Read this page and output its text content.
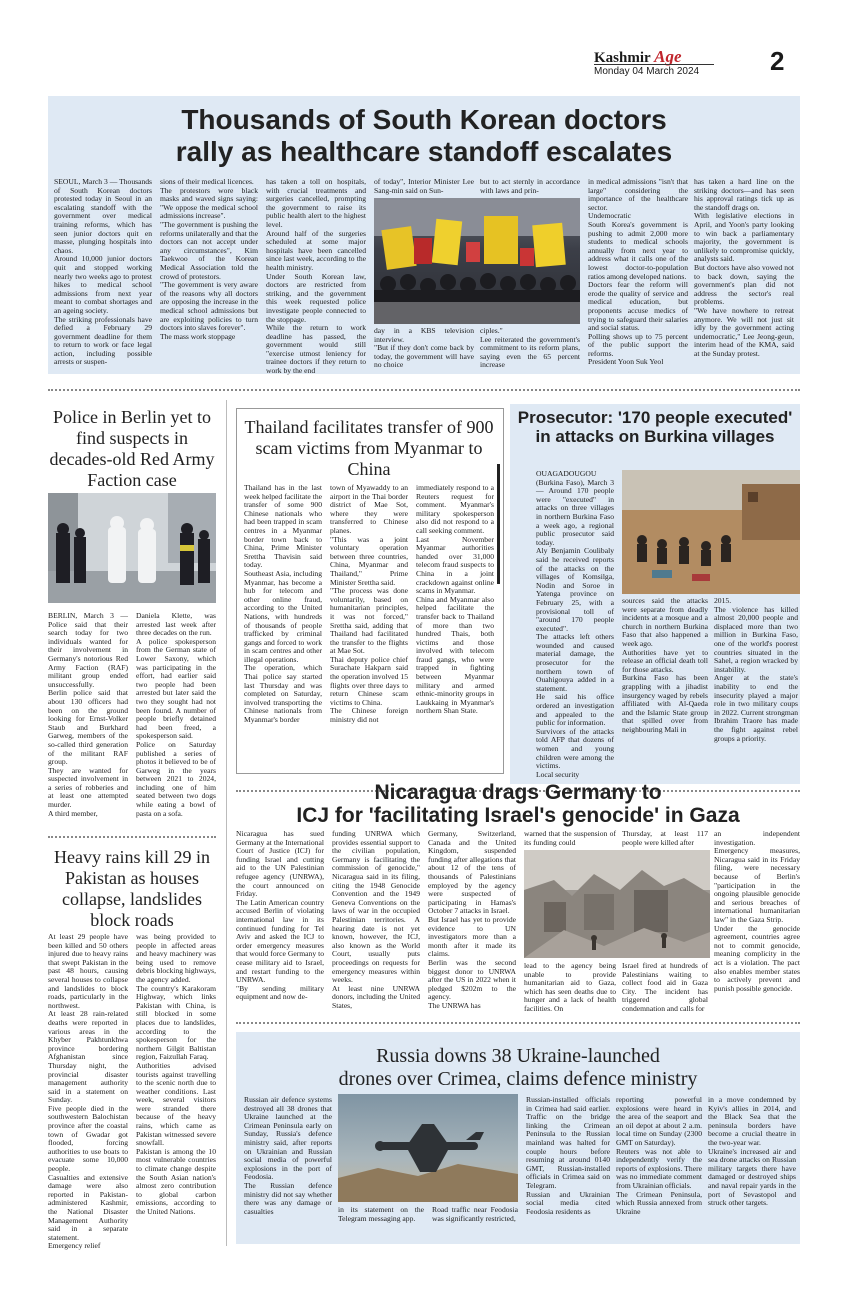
Kashmir Age
Monday 04 March 2024	2
Thousands of South Korean doctors
rally as healthcare standoff escalates
SEOUL, March 3 — Thousands of South Korean doctors protested today in Seoul in an escalating standoff with the government over medical training reforms, which has seen junior doctors quit en masse, plunging hospitals into chaos.
Around 10,000 junior doctors quit and stopped working nearly two weeks ago to protest hikes to medical school admissions from next year meant to combat shortages and an ageing society.
The striking professionals have defied a February 29 government deadline for them to return to work or face legal action, including possible arrests or suspen-
sions of their medical licences.
The protestors wore black masks and waved signs saying: "We oppose the medical school admissions increase".
"The government is pushing the reforms unilaterally and that the doctors can not accept under any circumstances", Kim Taekwoo of the Korean Medical Association told the crowd of protestors.
"The government is very aware of the reasons why all doctors are opposing the increase in the medical school admissions but are exploiting policies to turn doctors into slaves forever".
The mass work stoppage
has taken a toll on hospitals, with crucial treatments and surgeries cancelled, prompting the government to raise its public health alert to the highest level.
Around half of the surgeries scheduled at some major hospitals have been cancelled since last week, according to the health ministry.
Under South Korean law, doctors are restricted from striking, and the government this week requested police investigate people connected to the stoppage.
While the return to work deadline has passed, the government would still "exercise utmost leniency for trainee doctors if they return to work by the end
of today", Interior Minister Lee Sang-min said on Sun-
but to act sternly in accordance with laws and prin-
day in a KBS television interview.
"But if they don't come back by today, the government will have no choice
ciples."
Lee reiterated the government's commitment to its reform plans, saying even the 65 percent increase
in medical admissions "isn't that large" considering the importance of the healthcare sector.
Undemocratic
South Korea's government is pushing to admit 2,000 more students to medical schools annually from next year to address what it calls one of the lowest doctor-to-population ratios among developed nations.
Doctors fear the reform will erode the quality of service and medical education, but proponents accuse medics of trying to safeguard their salaries and social status.
Polling shows up to 75 percent of the public support the reforms.
President Yoon Suk Yeol
has taken a hard line on the striking doctors—and has seen his approval ratings tick up as the standoff drags on.
With legislative elections in April, and Yoon's party looking to win back a parliamentary majority, the government is unlikely to compromise quickly, analysts said.
But doctors have also vowed not to back down, saying the government's plan did not address the sector's real problems.
"We have nowhere to retreat anymore. We will not just sit idly by the government acting undemocratic," Lee Jeong-geun, interim head of the KMA, said at the Sunday protest.
Police in Berlin yet to find suspects in decades-old Red Army Faction case
BERLIN, March 3 — Police said that their search today for two individuals wanted for their involvement in Germany's notorious Red Army Faction (RAF) militant group ended unsuccessfully.
Berlin police said that about 130 officers had been on the ground looking for Ernst-Volker Staub and Burkhard Garweg, members of the so-called third generation of the militant RAF group.
They are wanted for suspected involvement in a series of robberies and at least one attempted murder.
A third member,
Daniela Klette, was arrested last week after three decades on the run.
A police spokesperson from the German state of Lower Saxony, which was participating in the effort, had earlier said two people had been arrested but later said the two they sought had not been found. A number of people briefly detained had been freed, a spokesperson said.
Police on Saturday published a series of photos it believed to be of Garweg in the years between 2021 to 2024, including one of him seated between two dogs while eating a bowl of pasta on a sofa.
Heavy rains kill 29 in Pakistan as houses collapse, landslides block roads
At least 29 people have been killed and 50 others injured due to heavy rains that swept Pakistan in the past 48 hours, causing several houses to collapse and landslides to block roads, particularly in the northwest.
At least 28 rain-related deaths were reported in various areas in the Khyber Pakhtunkhwa province bordering Afghanistan since Thursday night, the provincial disaster management authority said in a statement on Sunday.
Five people died in the southwestern Balochistan province after the coastal town of Gwadar got flooded, forcing authorities to use boats to evacuate some 10,000 people.
Casualties and extensive damage were also reported in Pakistan-administered Kashmir, the National Disaster Management Authority said in a separate statement.
Emergency relief
was being provided to people in affected areas and heavy machinery was being used to remove debris blocking highways, the agency added.
The country's Karakoram Highway, which links Pakistan with China, is still blocked in some places due to landslides, according to the spokesperson for the northern Gilgit Baltistan region, Faizullah Faraq.
Authorities advised tourists against travelling to the scenic north due to weather conditions. Last week, several visitors were stranded there because of the heavy rains, which came as Pakistan witnessed severe snowfall.
Pakistan is among the 10 most vulnerable countries to climate change despite the South Asian nation's almost zero contribution to global carbon emissions, according to the United Nations.
Thailand facilitates transfer of 900 scam victims from Myanmar to China
Thailand has in the last week helped facilitate the transfer of some 900 Chinese nationals who had been trapped in scam centres in a Myanmar border town back to China, Prime Minister Srettha Thavisin said today.
Southeast Asia, including Myanmar, has become a hub for telecom and other online fraud, according to the United Nations, with hundreds of thousands of people trafficked by criminal gangs and forced to work in scam centres and other illegal operations.
The operation, which Thai police say started last Thursday and was completed on Saturday, involved transporting the Chinese nationals from Myanmar's border
town of Myawaddy to an airport in the Thai border district of Mae Sot, where they were transferred to Chinese planes.
"This was a joint voluntary operation between three countries, China, Myanmar and Thailand," Prime Minister Srettha said.
"The process was done voluntarily, based on humanitarian principles, it was not forced," Srettha said, adding that Thailand had facilitated the transfer to the flights at Mae Sot.
Thai deputy police chief Surachate Hakparn said the operation involved 15 flights over three days to return Chinese scam victims to China.
The Chinese foreign ministry did not
immediately respond to a Reuters request for comment. Myanmar's military spokesperson also did not respond to a call seeking comment.
Last November Myanmar authorities handed over 31,000 telecom fraud suspects to China in a joint crackdown against online scams in Myanmar.
China and Myanmar also helped facilitate the transfer back to Thailand of more than two hundred Thais, both victims and those involved with telecom fraud gangs, who were trapped in fighting between Myanmar military and armed ethnic-minority groups in Laukkaing in Myanmar's northern Shan State.
Prosecutor: '170 people executed' in attacks on Burkina villages
OUAGADOUGOU (Burkina Faso), March 3 — Around 170 people were "executed" in attacks on three villages in northern Burkina Faso a week ago, a regional public prosecutor said today.
Aly Benjamin Coulibaly said he received reports of the attacks on the villages of Komsilga, Nodin and Soroe in Yatenga province on February 25, with a provisional toll of "around 170 people executed".
The attacks left others wounded and caused material damage, the prosecutor for the northern town of Ouahigouya added in a statement.
He said his office ordered an investigation and appealed to the public for information.
Survivors of the attacks told AFP that dozens of women and young children were among the victims.
Local security
sources said the attacks were separate from deadly incidents at a mosque and a church in northern Burkina Faso that also happened a week ago.
Authorities have yet to release an official death toll for those attacks.
Burkina Faso has been grappling with a jihadist insurgency waged by rebels affiliated with Al-Qaeda and the Islamic State group that spilled over from neighbouring Mali in
2015.
The violence has killed almost 20,000 people and displaced more than two million in Burkina Faso, one of the world's poorest countries situated in the Sahel, a region wracked by instability.
Anger at the state's inability to end the insecurity played a major role in two military coups in 2022. Current strongman Ibrahim Traore has made the fight against rebel groups a priority.
Nicaragua drags Germany to
ICJ for 'facilitating Israel's genocide' in Gaza
Nicaragua has sued Germany at the International Court of Justice (ICJ) for funding Israel and cutting aid to the UN Palestinian refugee agency (UNRWA), the court announced on Friday.
The Latin American country accused Berlin of violating international law in its continued funding for Tel Aviv and asked the ICJ to order emergency measures that would force Germany to cease military aid to Israel, and restart funding to the UNRWA.
"By sending military equipment and now de-
funding UNRWA which provides essential support to the civilian population, Germany is facilitating the commission of genocide," Nicaragua said in its filing, citing the 1948 Genocide Convention and the 1949 Geneva Conventions on the laws of war in the occupied Palestinian territories. A hearing date is not yet known, however, the ICJ, also known as the World Court, usually puts proceedings on requests for emergency measures within weeks.
At least nine UNRWA donors, including the United States,
Germany, Switzerland, Canada and the United Kingdom, suspended funding after allegations that about 12 of the tens of thousands of Palestinians employed by the agency were suspected of participating in Hamas's October 7 attacks in Israel.
But Israel has yet to provide evidence to UN investigators more than a month after it made its claims.
Berlin was the second biggest donor to UNRWA after the US in 2022 when it pledged $202m to the agency.
The UNRWA has
warned that the suspension of its funding could
Thursday, at least 117 people were killed after
lead to the agency being unable to provide humanitarian aid to Gaza, which has seen deaths due to hunger and a lack of health facilities. On
Israel fired at hundreds of Palestinians waiting to collect food aid in Gaza City. The incident has triggered global condemnation and calls for
an independent investigation.
Emergency measures, Nicaragua said in its Friday filing, were necessary because of Berlin's "participation in the ongoing plausible genocide and serious breaches of international humanitarian law" in the Gaza Strip.
Under the genocide agreement, countries agree not to commit genocide, meaning complicity in the act is a violation. The pact also enables member states to actively prevent and punish possible genocide.
Russia downs 38 Ukraine-launched
drones over Crimea, claims defence ministry
Russian air defence systems destroyed all 38 drones that Ukraine launched at the Crimean Peninsula early on Sunday, Russia's defence ministry said, after reports on Ukrainian and Russian social media of powerful explosions in the port of Feodosia.
The Russian defence ministry did not say whether there was any damage or casualties	in its statement on the Telegram messaging app.
Road traffic near Feodosia was significantly restricted,
Russian-installed officials in Crimea had said earlier. Traffic on the bridge linking the Crimean Peninsula to the Russian mainland was halted for couple hours before resuming at around 0140 GMT, Russian-installed officials in Crimea said on Telegram.
Russian and Ukrainian social media cited Feodosia residents as
reporting powerful explosions were heard in the area of the seaport and an oil depot at about 2 a.m. local time on Sunday (2300 GMT on Saturday).
Reuters was not able to independently verify the reports of explosions. There was no immediate comment from Ukrainian officials.
The Crimean Peninsula, which Russia annexed from Ukraine
in a move condemned by Kyiv's allies in 2014, and the Black Sea that the peninsula borders have become a crucial theatre in the two-year war.
Ukraine's increased air and sea drone attacks on Russian military targets there have damaged or destroyed ships and naval repair yards in the port of Sevastopol and struck other targets.
